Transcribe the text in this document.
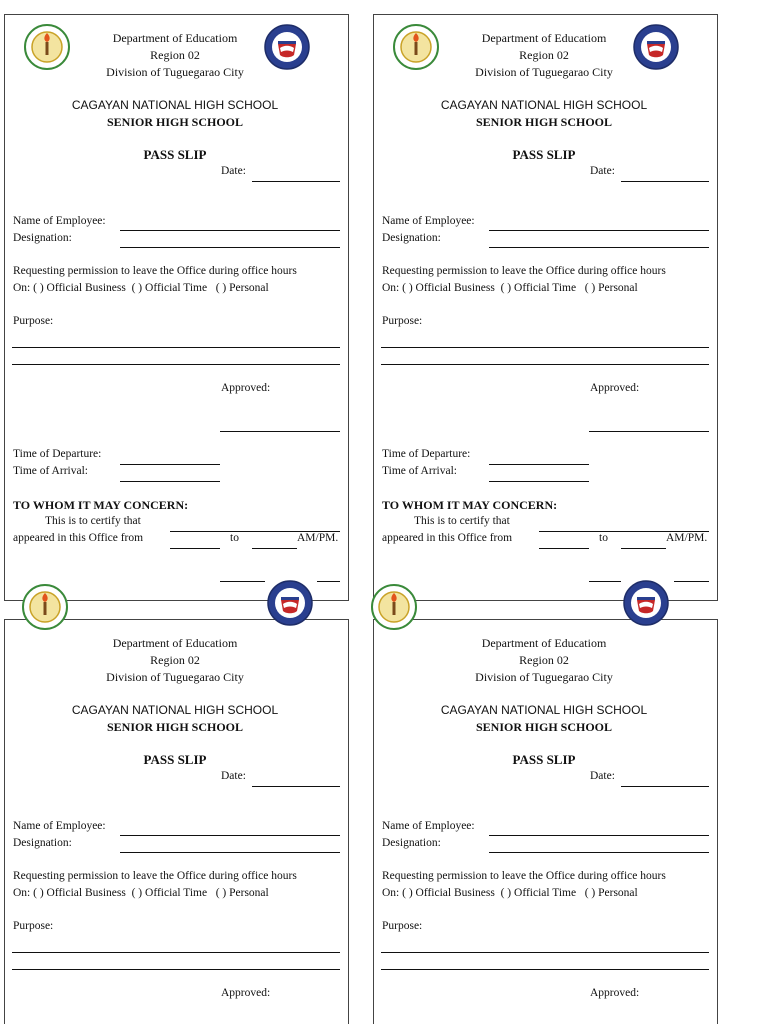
Department of Educatiom
Region 02
Division of Tuguegarao City
CAGAYAN NATIONAL HIGH SCHOOL
SENIOR HIGH SCHOOL
PASS SLIP
Date:
Name of Employee:
Designation:
Requesting permission to leave the Office during office hours
On: ( ) Official Business  ( ) Official Time   ( ) Personal
Purpose:
Approved:
Time of Departure:
Time of Arrival:
TO WHOM IT MAY CONCERN:
This is to certify that
appeared in this Office from	to	AM/PM.
Department of Educatiom
Region 02
Division of Tuguegarao City
CAGAYAN NATIONAL HIGH SCHOOL
SENIOR HIGH SCHOOL
PASS SLIP
Date:
Name of Employee:
Designation:
Requesting permission to leave the Office during office hours
On: ( ) Official Business  ( ) Official Time   ( ) Personal
Purpose:
Approved:
Time of Departure:
Time of Arrival:
TO WHOM IT MAY CONCERN:
This is to certify that
appeared in this Office from	to	AM/PM.
Department of Educatiom
Region 02
Division of Tuguegarao City
CAGAYAN NATIONAL HIGH SCHOOL
SENIOR HIGH SCHOOL
PASS SLIP
Date:
Name of Employee:
Designation:
Requesting permission to leave the Office during office hours
On: ( ) Official Business  ( ) Official Time   ( ) Personal
Purpose:
Approved:
Department of Educatiom
Region 02
Division of Tuguegarao City
CAGAYAN NATIONAL HIGH SCHOOL
SENIOR HIGH SCHOOL
PASS SLIP
Date:
Name of Employee:
Designation:
Requesting permission to leave the Office during office hours
On: ( ) Official Business  ( ) Official Time   ( ) Personal
Purpose:
Approved:
